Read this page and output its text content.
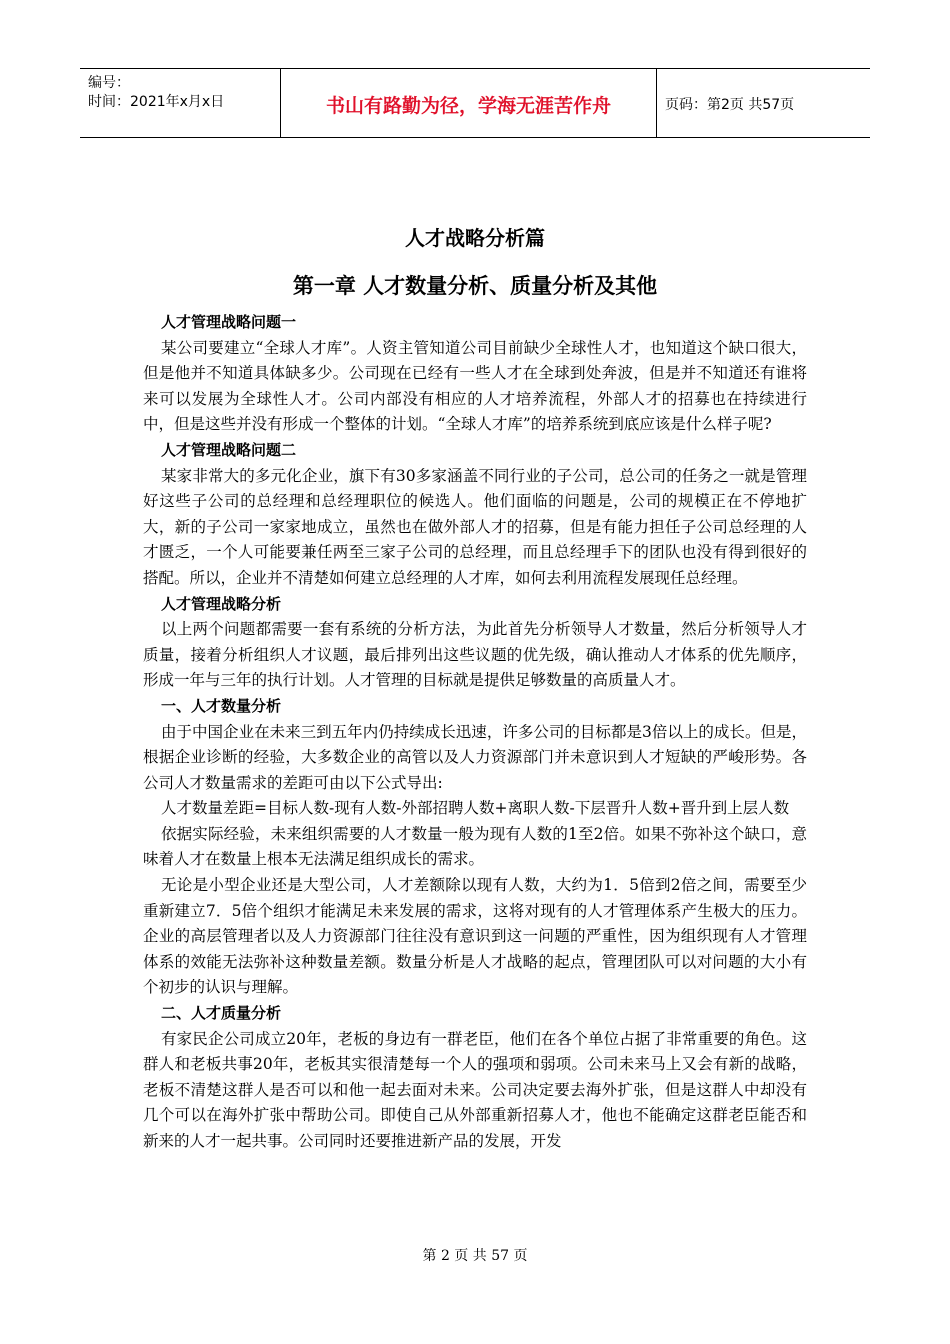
编号：
时间：2021年x月x日	书山有路勤为径，学海无涯苦作舟	页码：第2页 共57页
人才战略分析篇
第一章 人才数量分析、质量分析及其他
人才管理战略问题一

某公司要建立“全球人才库”。人资主管知道公司目前缺少全球性人才，也知道这个缺口很大，但是他并不知道具体缺多少。公司现在已经有一些人才在全球到处奔波，但是并不知道还有谁将来可以发展为全球性人才。公司内部没有相应的人才培养流程，外部人才的招募也在持续进行中，但是这些并没有形成一个整体的计划。“全球人才库”的培养系统到底应该是什么样子呢?

人才管理战略问题二

某家非常大的多元化企业，旗下有30多家涵盖不同行业的子公司，总公司的任务之一就是管理好这些子公司的总经理和总经理职位的候选人。他们面临的问题是，公司的规模正在不停地扩大，新的子公司一家家地成立，虽然也在做外部人才的招募，但是有能力担任子公司总经理的人才匮乏，一个人可能要兼任两至三家子公司的总经理，而且总经理手下的团队也没有得到很好的搭配。所以，企业并不清楚如何建立总经理的人才库，如何去利用流程发展现任总经理。

人才管理战略分析

以上两个问题都需要一套有系统的分析方法，为此首先分析领导人才数量，然后分析领导人才质量，接着分析组织人才议题，最后排列出这些议题的优先级，确认推动人才体系的优先顺序，形成一年与三年的执行计划。人才管理的目标就是提供足够数量的高质量人才。

一、人才数量分析

由于中国企业在未来三到五年内仍持续成长迅速，许多公司的目标都是3倍以上的成长。但是，根据企业诊断的经验，大多数企业的高管以及人力资源部门并未意识到人才短缺的严峻形势。各公司人才数量需求的差距可由以下公式导出:

人才数量差距=目标人数-现有人数-外部招聘人数+离职人数-下层晋升人数+晋升到上层人数

依据实际经验，未来组织需要的人才数量一般为现有人数的1至2倍。如果不弥补这个缺口，意味着人才在数量上根本无法满足组织成长的需求。

无论是小型企业还是大型公司，人才差额除以现有人数，大约为1．5倍到2倍之间，需要至少重新建立7．5倍个组织才能满足未来发展的需求，这将对现有的人才管理体系产生极大的压力。企业的高层管理者以及人力资源部门往往没有意识到这一问题的严重性，因为组织现有人才管理体系的效能无法弥补这种数量差额。数量分析是人才战略的起点，管理团队可以对问题的大小有个初步的认识与理解。

二、人才质量分析

有家民企公司成立20年，老板的身边有一群老臣，他们在各个单位占据了非常重要的角色。这群人和老板共事20年，老板其实很清楚每一个人的强项和弱项。公司未来马上又会有新的战略，老板不清楚这群人是否可以和他一起去面对未来。公司决定要去海外扩张，但是这群人中却没有几个可以在海外扩张中帮助公司。即使自己从外部重新招募人才，他也不能确定这群老臣能否和新来的人才一起共事。公司同时还要推进新产品的发展，开发

第 2 页 共 57 页
